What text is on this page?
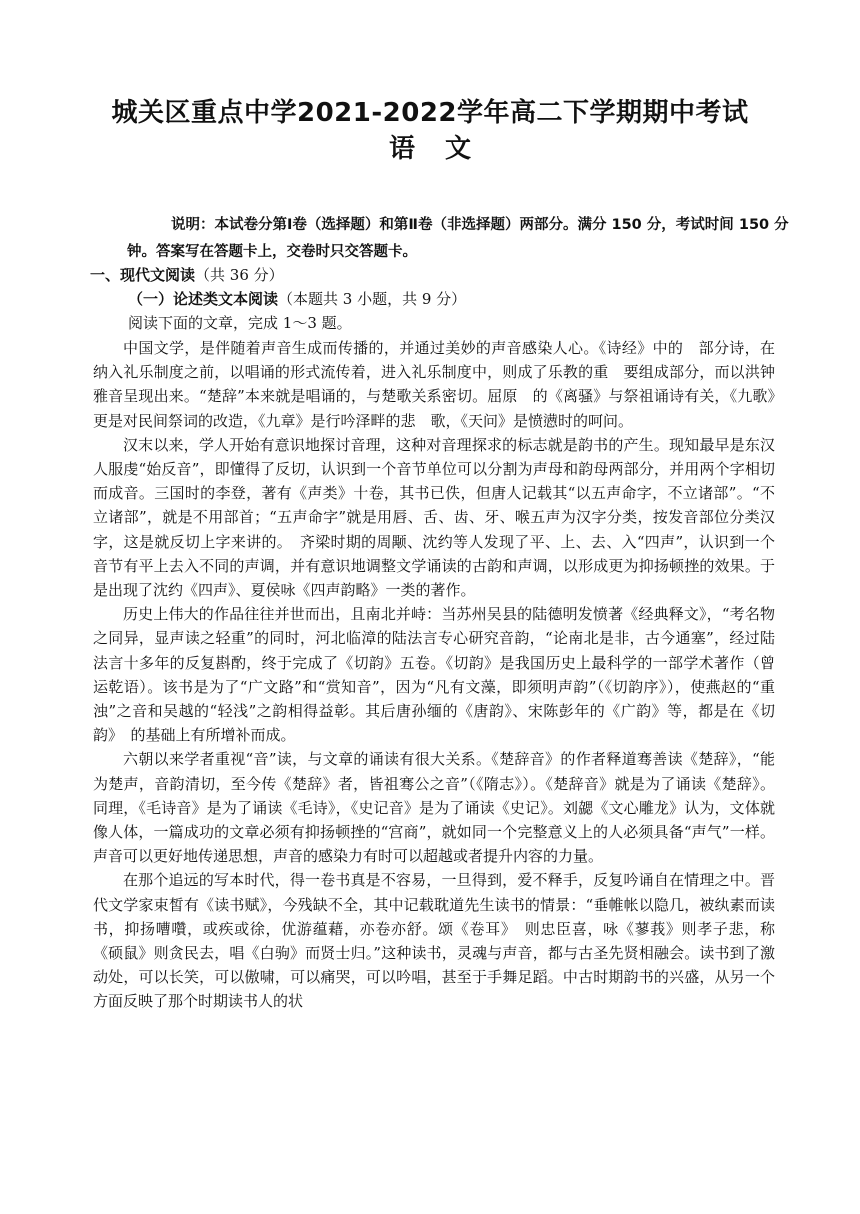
城关区重点中学2021-2022学年高二下学期期中考试
语文
说明：本试卷分第Ⅰ卷（选择题）和第Ⅱ卷（非选择题）两部分。满分 150 分，考试时间 150 分钟。答案写在答题卡上，交卷时只交答题卡。
一、现代文阅读（共 36 分）
（一）论述类文本阅读（本题共 3 小题，共 9 分）
阅读下面的文章，完成 1～3 题。

中国文学，是伴随着声音生成而传播的，并通过美妙的声音感染人心。《诗经》中的　部分诗，在纳入礼乐制度之前，以唱诵的形式流传着，进入礼乐制度中，则成了乐教的重　要组成部分，而以洪钟雅音呈现出来。“楚辞”本来就是唱诵的，与楚歌关系密切。屈原　的《离骚》与祭祖诵诗有关，《九歌》更是对民间祭词的改造，《九章》是行吟泽畔的悲　歌，《天问》是愤懑时的呵问。

汉末以来，学人开始有意识地探讨音理，这种对音理探求的标志就是韵书的产生。现知最早是东汉人服虔“始反音”，即懂得了反切，认识到一个音节单位可以分割为声母和韵母两部分，并用两个字相切而成音。三国时的李登，著有《声类》十卷，其书已佚，但唐人记载其“以五声命字，不立诸部”。“不立诸部”，就是不用部首；“五声命字”就是用唇、舌、齿、牙、喉五声为汉字分类，按发音部位分类汉字，这是就反切上字来讲的。　齐梁时期的周颙、沈约等人发现了平、上、去、入“四声”，认识到一个音节有平上去入不同的声调，并有意识地调整文学诵读的古韵和声调，以形成更为抑扬顿挫的效果。于是出现了沈约《四声》、夏侯咏《四声韵略》一类的著作。

历史上伟大的作品往往并世而出，且南北并峙：当苏州吴县的陆德明发愤著《经典释文》，“考名物之同异，显声读之轻重”的同时，河北临漳的陆法言专心研究音韵，“论南北是非，古今通塞”，经过陆法言十多年的反复斟酌，终于完成了《切韵》五卷。《切韵》是我国历史上最科学的一部学术著作（曾运乾语）。该书是为了“广文路”和“赏知音”，因为“凡有文藻，即须明声韵”（《切韵序》），使燕赵的“重浊”之音和吴越的“轻浅”之韵相得益彰。其后唐孙缅的《唐韵》、宋陈彭年的《广韵》等，都是在《切韵》　的基础上有所增补而成。

六朝以来学者重视“音”读，与文章的诵读有很大关系。《楚辞音》的作者释道骞善读《楚辞》，“能为楚声，音韵清切，至今传《楚辞》者，皆祖骞公之音”（《隋志》）。《楚辞音》就是为了诵读《楚辞》。同理，《毛诗音》是为了诵读《毛诗》，《史记音》是为了诵读《史记》。刘勰《文心雕龙》认为，文体就像人体，一篇成功的文章必须有抑扬顿挫的“宫商”，就如同一个完整意义上的人必须具备“声气”一样。声音可以更好地传递思想，声音的感染力有时可以超越或者提升内容的力量。

在那个追远的写本时代，得一卷书真是不容易，一旦得到，爱不释手，反复吟诵自在情理之中。晋代文学家束皙有《读书赋》，今残缺不全，其中记载耽道先生读书的情景：“垂帷帐以隐几，被纨素而读书，抑扬嘈囋，或疾或徐，优游蕴藉，亦卷亦舒。颂《卷耳》　则忠臣喜，咏《蓼莪》则孝子悲，称《硕鼠》则贪民去，唱《白驹》而贤士归。”这种读书，灵魂与声音，都与古圣先贤相融会。读书到了激动处，可以长笑，可以傲啸，可以痛哭，可以吟唱，甚至于手舞足蹈。中古时期韵书的兴盛，从另一个方面反映了那个时期读书人的状
